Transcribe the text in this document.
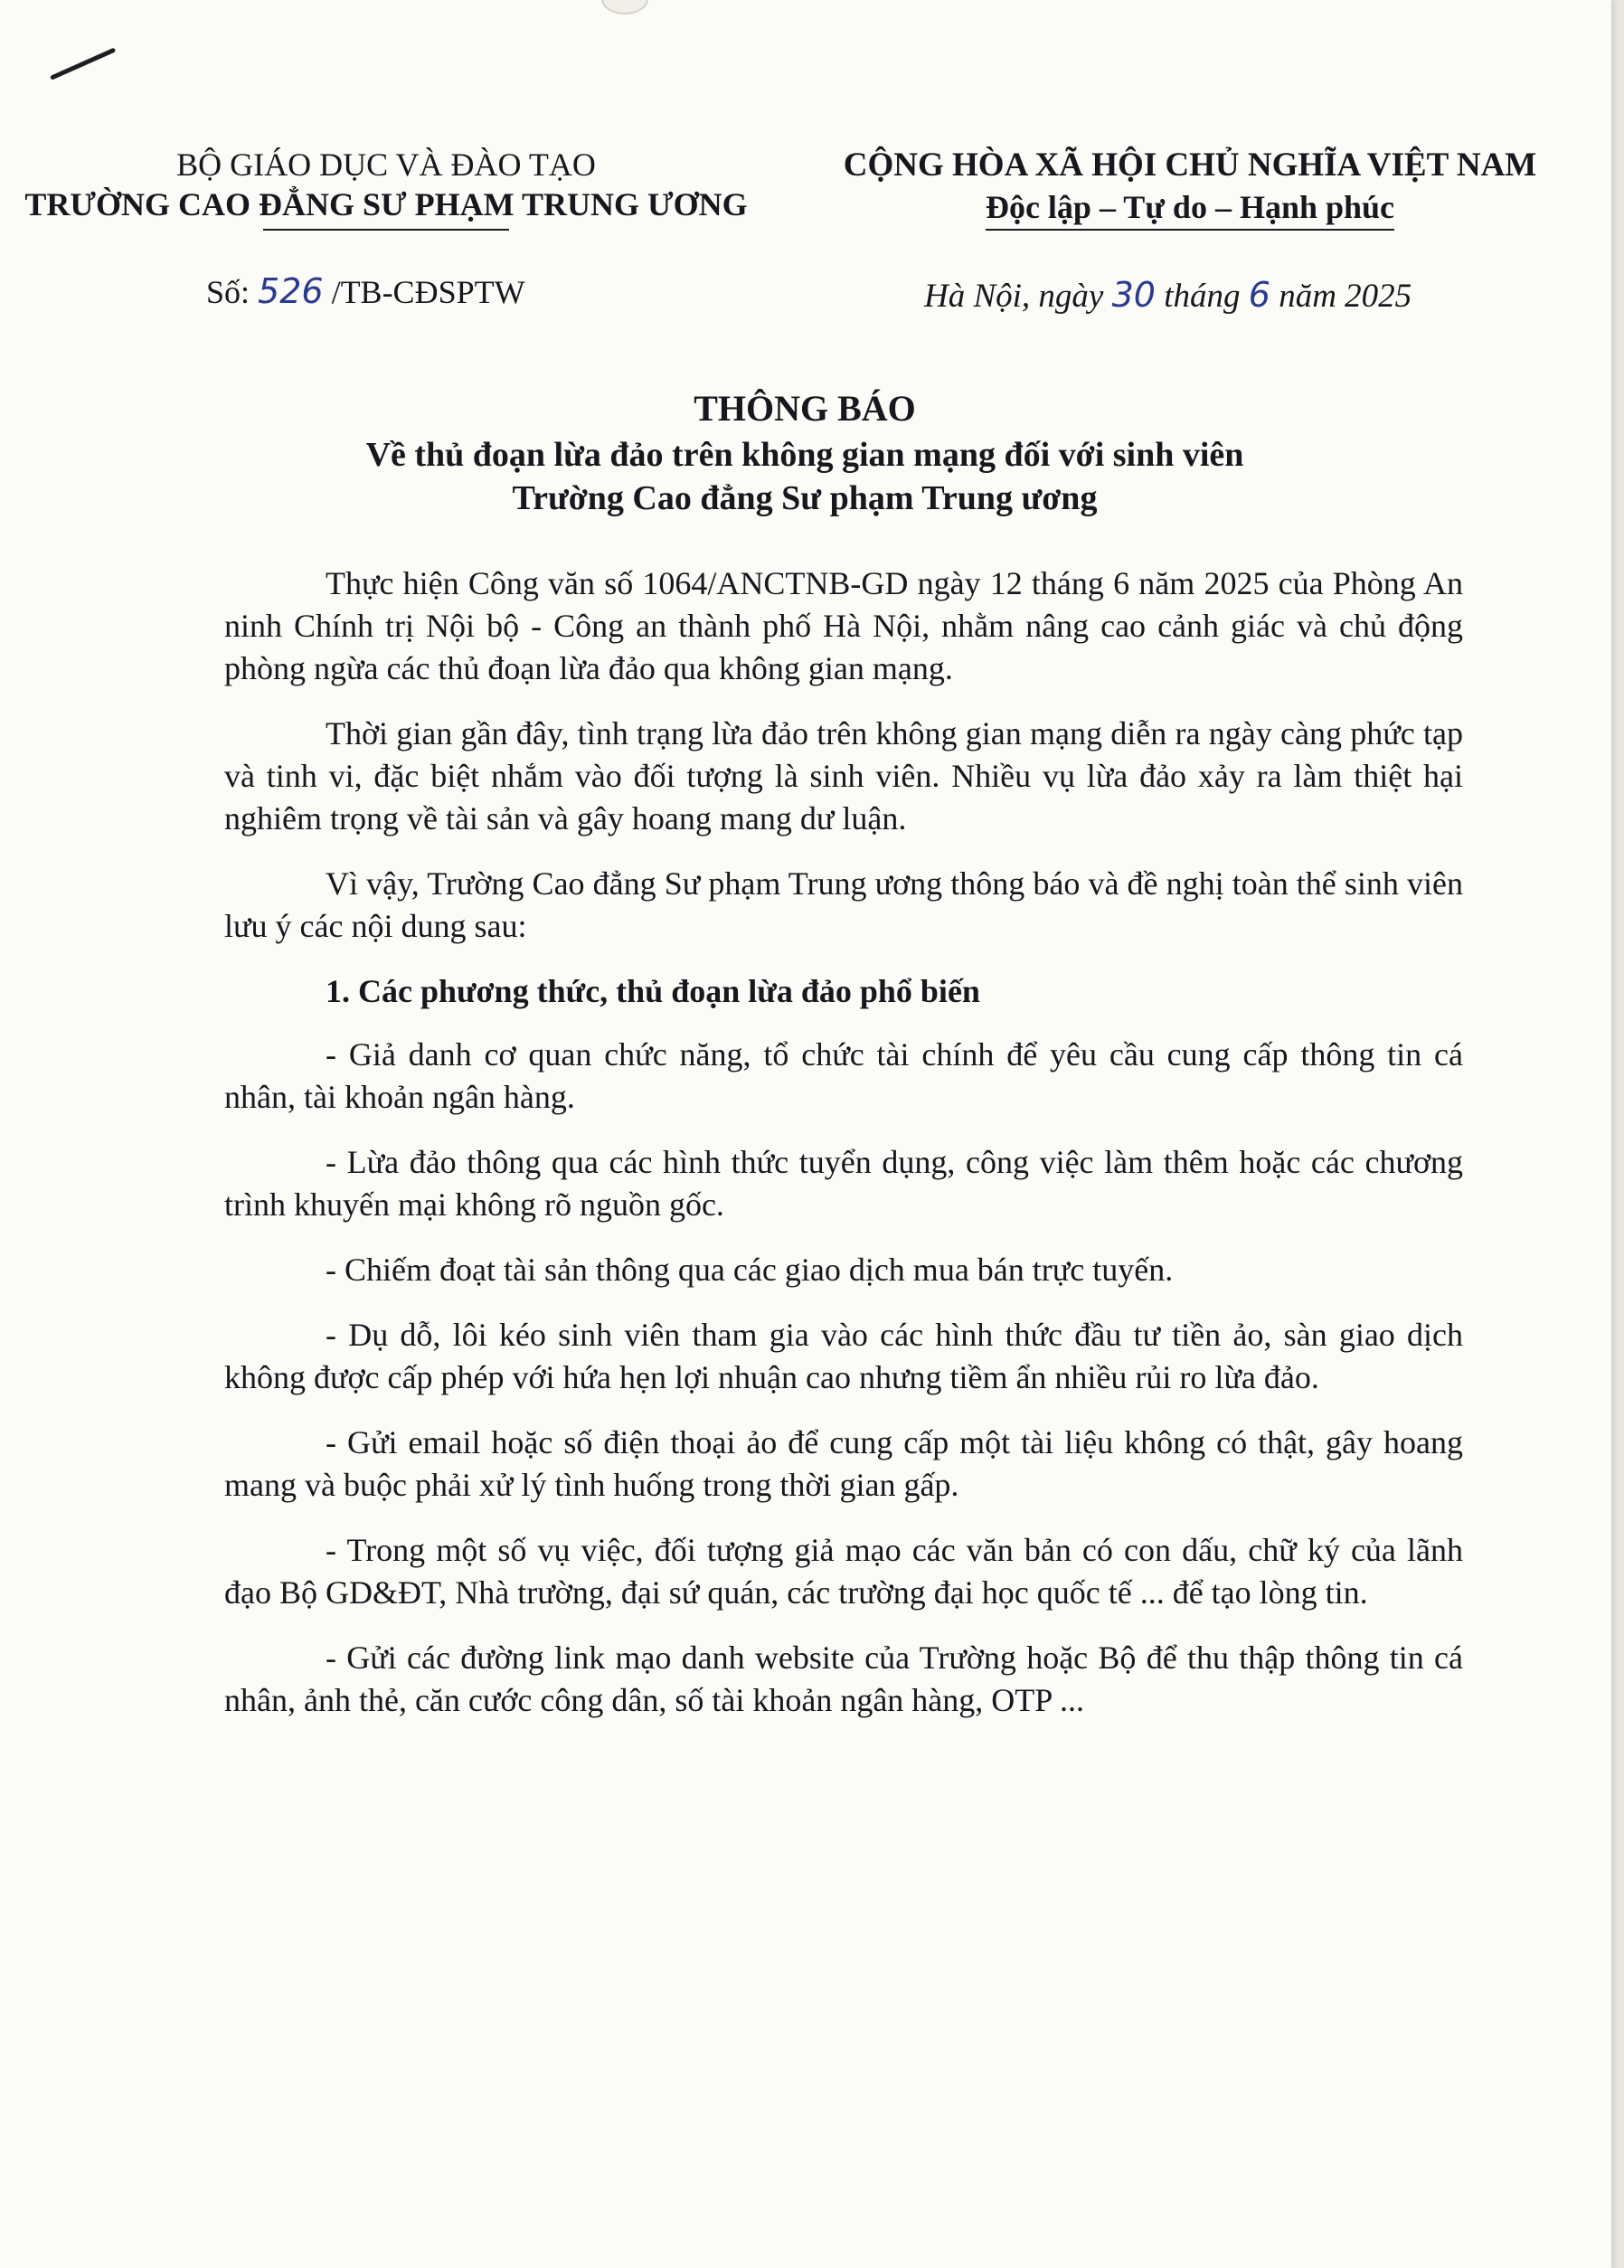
BỘ GIÁO DỤC VÀ ĐÀO TẠO
TRƯỜNG CAO ĐẲNG SƯ PHẠM TRUNG ƯƠNG
CỘNG HÒA XÃ HỘI CHỦ NGHĨA VIỆT NAM
Độc lập – Tự do – Hạnh phúc
Số: 526 /TB-CĐSPTW	Hà Nội, ngày 30 tháng 6 năm 2025
THÔNG BÁO
Về thủ đoạn lừa đảo trên không gian mạng đối với sinh viên
Trường Cao đẳng Sư phạm Trung ương

Thực hiện Công văn số 1064/ANCTNB-GD ngày 12 tháng 6 năm 2025 của Phòng An ninh Chính trị Nội bộ - Công an thành phố Hà Nội, nhằm nâng cao cảnh giác và chủ động phòng ngừa các thủ đoạn lừa đảo qua không gian mạng.

Thời gian gần đây, tình trạng lừa đảo trên không gian mạng diễn ra ngày càng phức tạp và tinh vi, đặc biệt nhắm vào đối tượng là sinh viên. Nhiều vụ lừa đảo xảy ra làm thiệt hại nghiêm trọng về tài sản và gây hoang mang dư luận.

Vì vậy, Trường Cao đẳng Sư phạm Trung ương thông báo và đề nghị toàn thể sinh viên lưu ý các nội dung sau:

1. Các phương thức, thủ đoạn lừa đảo phổ biến

- Giả danh cơ quan chức năng, tổ chức tài chính để yêu cầu cung cấp thông tin cá nhân, tài khoản ngân hàng.

- Lừa đảo thông qua các hình thức tuyển dụng, công việc làm thêm hoặc các chương trình khuyến mại không rõ nguồn gốc.

- Chiếm đoạt tài sản thông qua các giao dịch mua bán trực tuyến.

- Dụ dỗ, lôi kéo sinh viên tham gia vào các hình thức đầu tư tiền ảo, sàn giao dịch không được cấp phép với hứa hẹn lợi nhuận cao nhưng tiềm ẩn nhiều rủi ro lừa đảo.

- Gửi email hoặc số điện thoại ảo để cung cấp một tài liệu không có thật, gây hoang mang và buộc phải xử lý tình huống trong thời gian gấp.

- Trong một số vụ việc, đối tượng giả mạo các văn bản có con dấu, chữ ký của lãnh đạo Bộ GD&ĐT, Nhà trường, đại sứ quán, các trường đại học quốc tế ... để tạo lòng tin.

- Gửi các đường link mạo danh website của Trường hoặc Bộ để thu thập thông tin cá nhân, ảnh thẻ, căn cước công dân, số tài khoản ngân hàng, OTP ...
